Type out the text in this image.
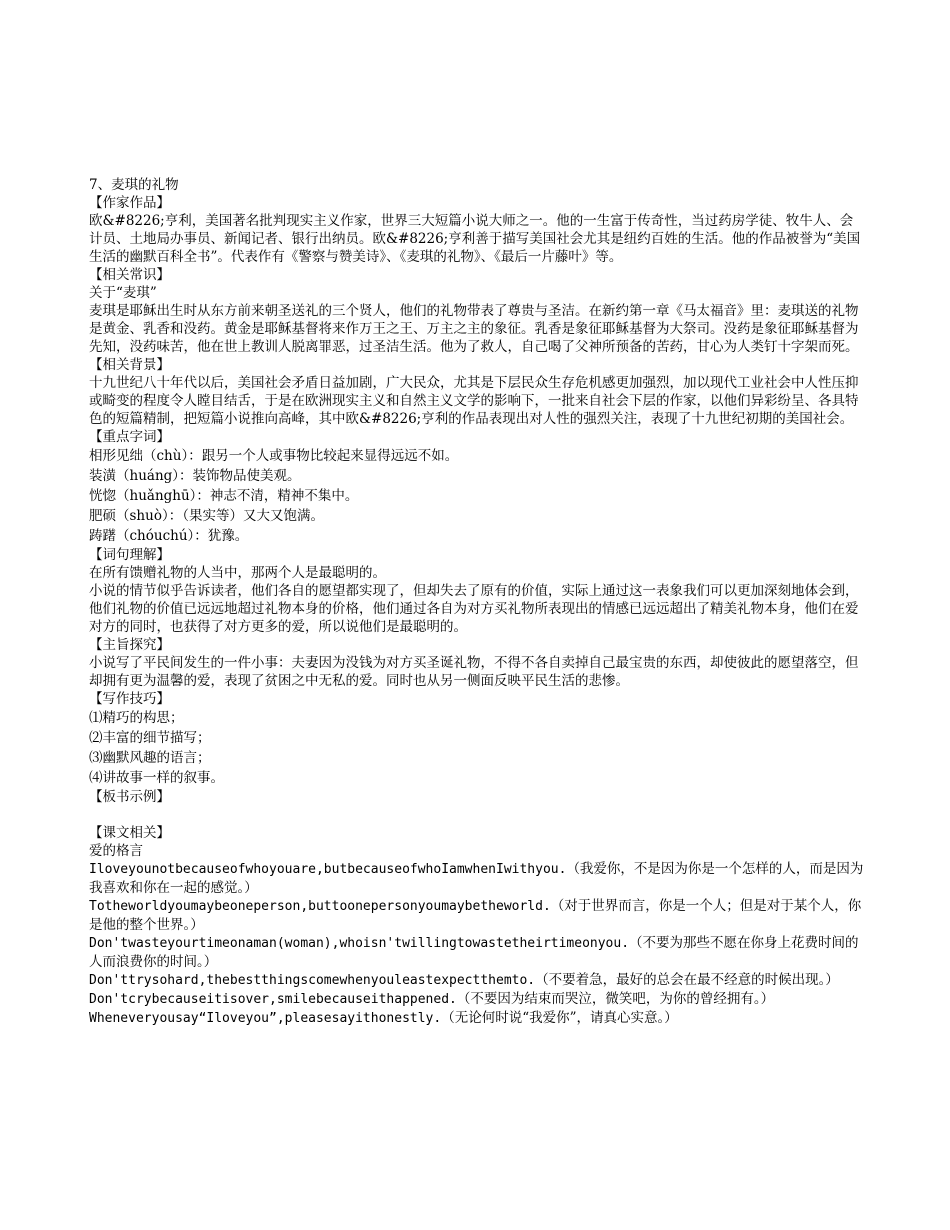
7、麦琪的礼物

【作家作品】

欧&#8226;亨利，美国著名批判现实主义作家，世界三大短篇小说大师之一。他的一生富于传奇性，当过药房学徒、牧牛人、会计员、土地局办事员、新闻记者、银行出纳员。欧&#8226;亨利善于描写美国社会尤其是纽约百姓的生活。他的作品被誉为“美国生活的幽默百科全书”。代表作有《警察与赞美诗》、《麦琪的礼物》、《最后一片藤叶》等。

【相关常识】

关于“麦琪”

麦琪是耶稣出生时从东方前来朝圣送礼的三个贤人，他们的礼物带表了尊贵与圣洁。在新约第一章《马太福音》里：麦琪送的礼物是黄金、乳香和没药。黄金是耶稣基督将来作万王之王、万主之主的象征。乳香是象征耶稣基督为大祭司。没药是象征耶稣基督为先知，没药味苦，他在世上教训人脱离罪恶，过圣洁生活。他为了救人，自己喝了父神所预备的苦药，甘心为人类钉十字架而死。

【相关背景】

十九世纪八十年代以后，美国社会矛盾日益加剧，广大民众，尤其是下层民众生存危机感更加强烈，加以现代工业社会中人性压抑或畸变的程度令人瞠目结舌，于是在欧洲现实主义和自然主义文学的影响下，一批来自社会下层的作家，以他们异彩纷呈、各具特色的短篇精制，把短篇小说推向高峰，其中欧&#8226;亨利的作品表现出对人性的强烈关注，表现了十九世纪初期的美国社会。

【重点字词】

相形见绌（chù）：跟另一个人或事物比较起来显得远远不如。

装潢（huáng）：装饰物品使美观。

恍惚（huǎnghū）：神志不清，精神不集中。

肥硕（shuò）：（果实等）又大又饱满。

踌躇（chóuchú）：犹豫。

【词句理解】

在所有馈赠礼物的人当中，那两个人是最聪明的。

小说的情节似乎告诉读者，他们各自的愿望都实现了，但却失去了原有的价值，实际上通过这一表象我们可以更加深刻地体会到，他们礼物的价值已远远地超过礼物本身的价格，他们通过各自为对方买礼物所表现出的情感已远远超出了精美礼物本身，他们在爱对方的同时，也获得了对方更多的爱，所以说他们是最聪明的。

【主旨探究】

小说写了平民间发生的一件小事：夫妻因为没钱为对方买圣诞礼物，不得不各自卖掉自己最宝贵的东西，却使彼此的愿望落空，但却拥有更为温馨的爱，表现了贫困之中无私的爱。同时也从另一侧面反映平民生活的悲惨。

【写作技巧】

⑴精巧的构思；

⑵丰富的细节描写；

⑶幽默风趣的语言；

⑷讲故事一样的叙事。

【板书示例】

【课文相关】

爱的格言

Iloveyounotbecauseofwhoyouare,butbecauseofwhoIamwhenIwithyou.（我爱你，不是因为你是一个怎样的人，而是因为我喜欢和你在一起的感觉。）

Totheworldyoumaybeoneperson,buttoonepersonyoumaybetheworld.（对于世界而言，你是一个人；但是对于某个人，你是他的整个世界。）

Don'twasteyourtimeonaman(woman),whoisn'twillingtowastetheirtimeonyou.（不要为那些不愿在你身上花费时间的人而浪费你的时间。）

Don'ttrysohard,thebestthingscomewhenyouleastexpectthemto.（不要着急，最好的总会在最不经意的时候出现。）

Don'tcrybecauseitisover,smilebecauseithappened.（不要因为结束而哭泣，微笑吧，为你的曾经拥有。）

Wheneveryousay“Iloveyou”,pleasesayithonestly.（无论何时说“我爱你”，请真心实意。）
